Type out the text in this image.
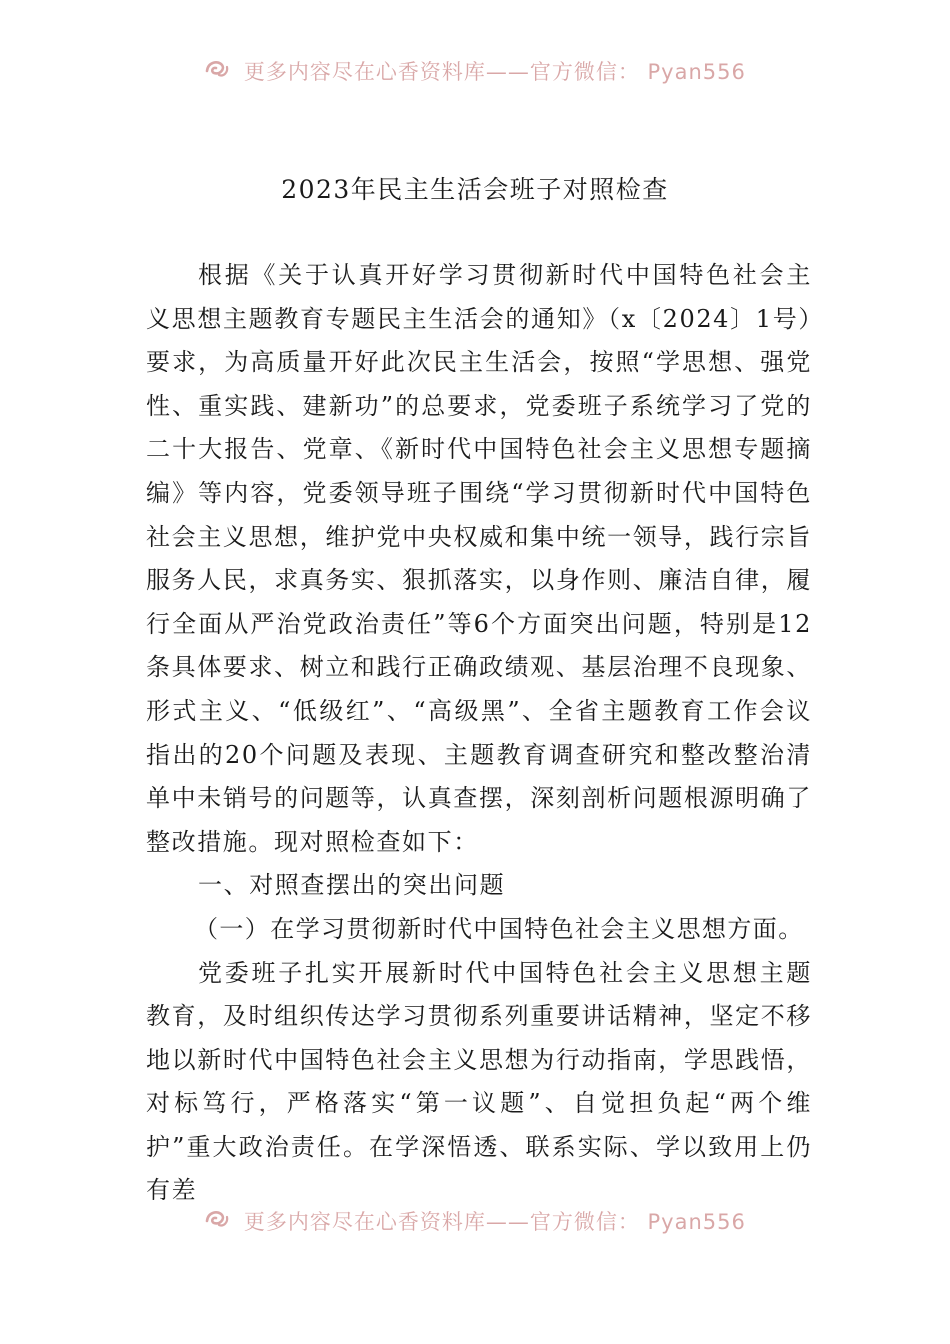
更多内容尽在心香资料库——官方微信： Pyan556
2023年民主生活会班子对照检查

根据《关于认真开好学习贯彻新时代中国特色社会主义思想主题教育专题民主生活会的通知》（x〔2024〕1号）要求，为高质量开好此次民主生活会，按照“学思想、强党性、重实践、建新功”的总要求，党委班子系统学习了党的二十大报告、党章、《新时代中国特色社会主义思想专题摘编》等内容，党委领导班子围绕“学习贯彻新时代中国特色社会主义思想，维护党中央权威和集中统一领导，践行宗旨服务人民，求真务实、狠抓落实，以身作则、廉洁自律，履行全面从严治党政治责任”等6个方面突出问题，特别是12条具体要求、树立和践行正确政绩观、基层治理不良现象、形式主义、“低级红”、“高级黑”、全省主题教育工作会议指出的20个问题及表现、主题教育调查研究和整改整治清单中未销号的问题等，认真查摆，深刻剖析问题根源明确了整改措施。现对照检查如下：

一、对照查摆出的突出问题

（一）在学习贯彻新时代中国特色社会主义思想方面。

党委班子扎实开展新时代中国特色社会主义思想主题教育，及时组织传达学习贯彻系列重要讲话精神，坚定不移地以新时代中国特色社会主义思想为行动指南，学思践悟，对标笃行，严格落实“第一议题”、自觉担负起“两个维护”重大政治责任。在学深悟透、联系实际、学以致用上仍有差

更多内容尽在心香资料库——官方微信： Pyan556
